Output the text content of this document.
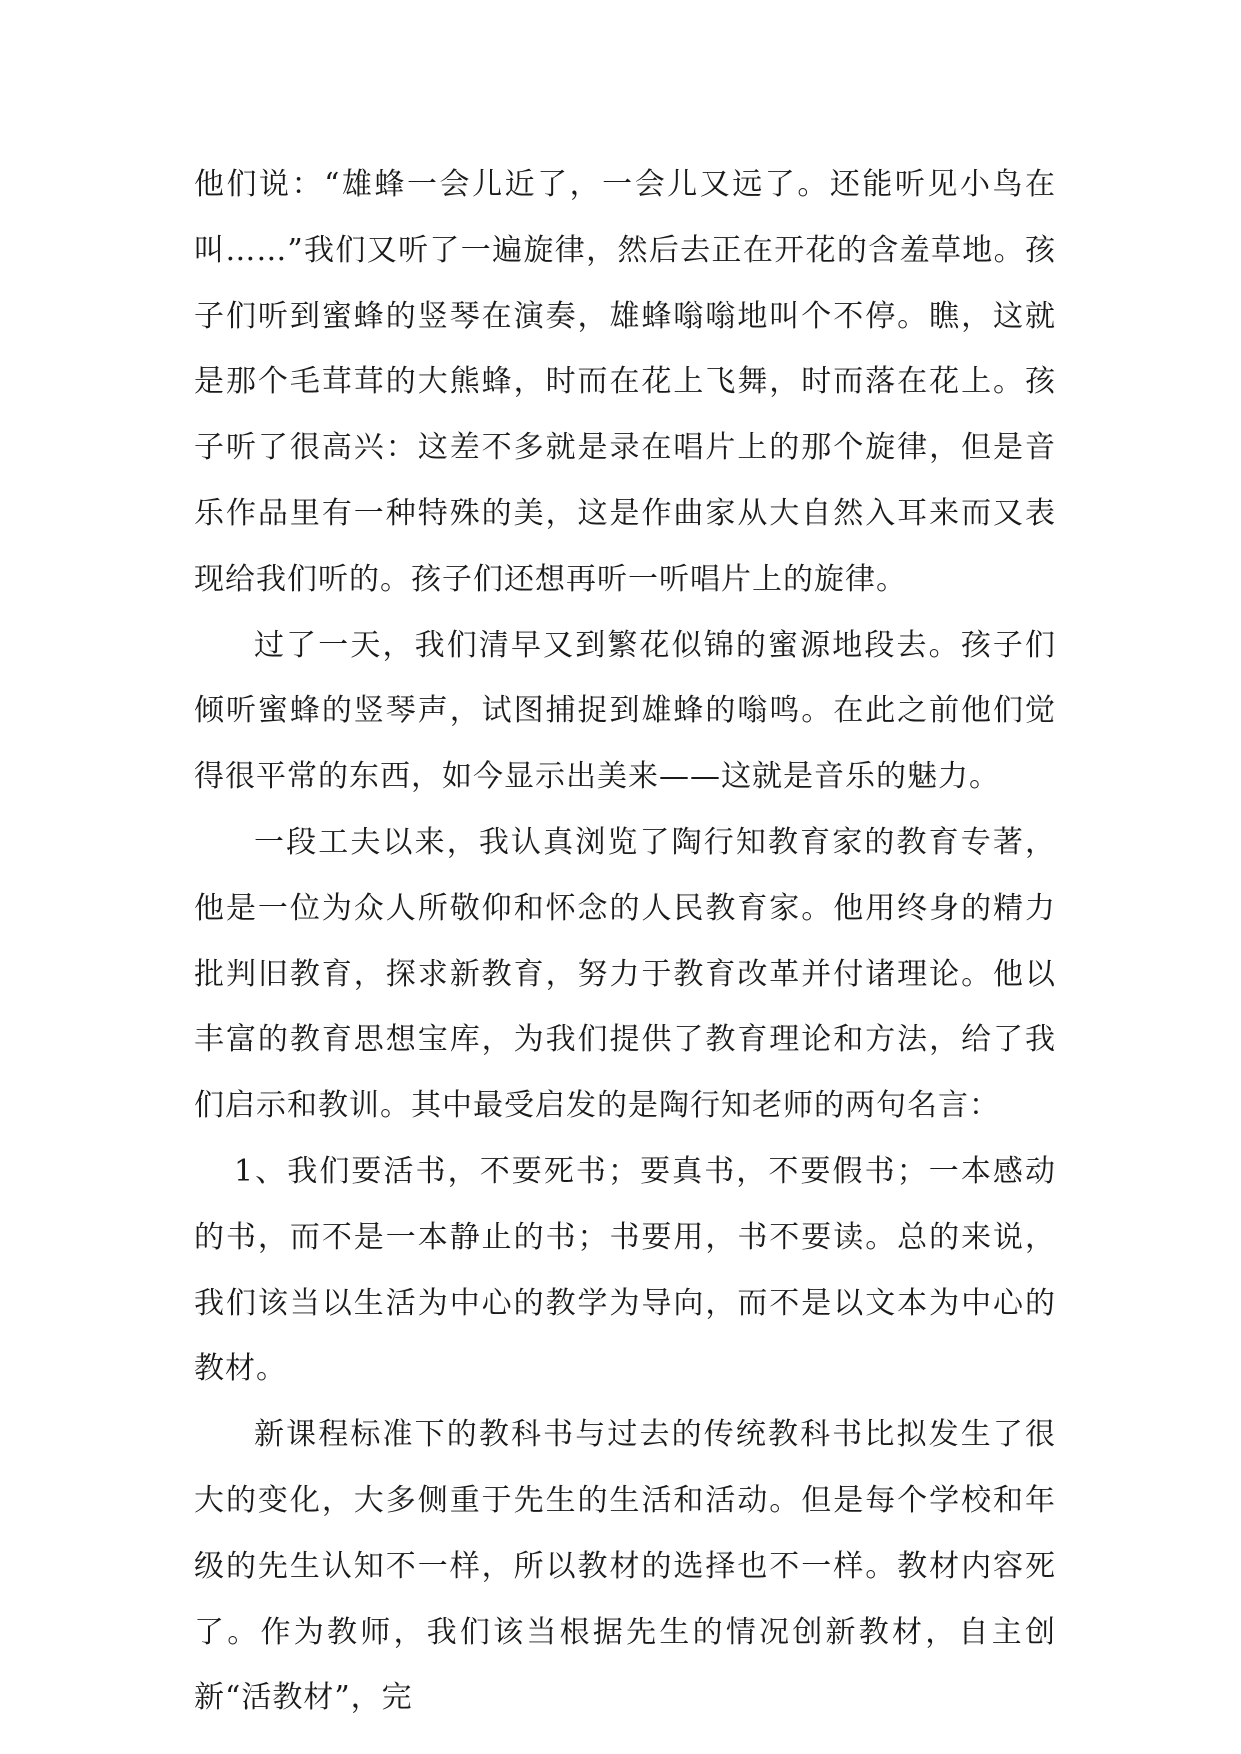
他们说：“雄蜂一会儿近了，一会儿又远了。还能听见小鸟在叫……”我们又听了一遍旋律，然后去正在开花的含羞草地。孩子们听到蜜蜂的竖琴在演奏，雄蜂嗡嗡地叫个不停。瞧，这就是那个毛茸茸的大熊蜂，时而在花上飞舞，时而落在花上。孩子听了很高兴：这差不多就是录在唱片上的那个旋律，但是音乐作品里有一种特殊的美，这是作曲家从大自然入耳来而又表现给我们听的。孩子们还想再听一听唱片上的旋律。

过了一天，我们清早又到繁花似锦的蜜源地段去。孩子们倾听蜜蜂的竖琴声，试图捕捉到雄蜂的嗡鸣。在此之前他们觉得很平常的东西，如今显示出美来——这就是音乐的魅力。

一段工夫以来，我认真浏览了陶行知教育家的教育专著，他是一位为众人所敬仰和怀念的人民教育家。他用终身的精力批判旧教育，探求新教育，努力于教育改革并付诸理论。他以丰富的教育思想宝库，为我们提供了教育理论和方法，给了我们启示和教训。其中最受启发的是陶行知老师的两句名言：

1、我们要活书，不要死书；要真书，不要假书；一本感动的书，而不是一本静止的书；书要用，书不要读。总的来说，我们该当以生活为中心的教学为导向，而不是以文本为中心的教材。

新课程标准下的教科书与过去的传统教科书比拟发生了很大的变化，大多侧重于先生的生活和活动。但是每个学校和年级的先生认知不一样，所以教材的选择也不一样。教材内容死了。作为教师，我们该当根据先生的情况创新教材，自主创新“活教材”，完
